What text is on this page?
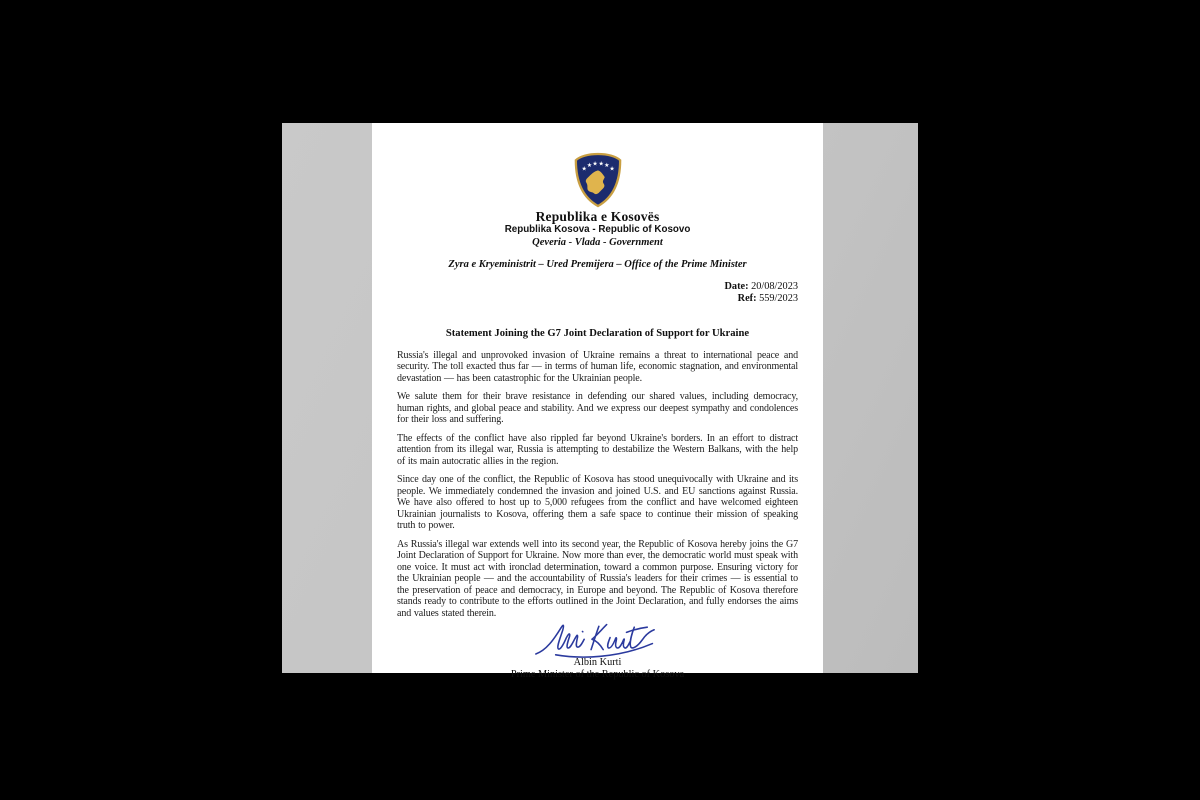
★
★ ★ ★ ★
★
Republika e Kosovës
Republika Kosova - Republic of Kosovo
Qeveria - Vlada - Government
Zyra e Kryeministrit – Ured Premijera – Office of the Prime Minister
Date: 20/08/2023
Ref: 559/2023
Statement Joining the G7 Joint Declaration of Support for Ukraine

Russia's illegal and unprovoked invasion of Ukraine remains a threat to international peace and security. The toll exacted thus far — in terms of human life, economic stagnation, and environmental devastation — has been catastrophic for the Ukrainian people.

We salute them for their brave resistance in defending our shared values, including democracy, human rights, and global peace and stability. And we express our deepest sympathy and condolences for their loss and suffering.

The effects of the conflict have also rippled far beyond Ukraine's borders. In an effort to distract attention from its illegal war, Russia is attempting to destabilize the Western Balkans, with the help of its main autocratic allies in the region.

Since day one of the conflict, the Republic of Kosova has stood unequivocally with Ukraine and its people. We immediately condemned the invasion and joined U.S. and EU sanctions against Russia. We have also offered to host up to 5,000 refugees from the conflict and have welcomed eighteen Ukrainian journalists to Kosova, offering them a safe space to continue their mission of speaking truth to power.

As Russia's illegal war extends well into its second year, the Republic of Kosova hereby joins the G7 Joint Declaration of Support for Ukraine. Now more than ever, the democratic world must speak with one voice. It must act with ironclad determination, toward a common purpose. Ensuring victory for the Ukrainian people — and the accountability of Russia's leaders for their crimes — is essential to the preservation of peace and democracy, in Europe and beyond. The Republic of Kosova therefore stands ready to contribute to the efforts outlined in the Joint Declaration, and fully endorses the aims and values stated therein.

Albin Kurti
Prime Minister of the Republic of Kosova
